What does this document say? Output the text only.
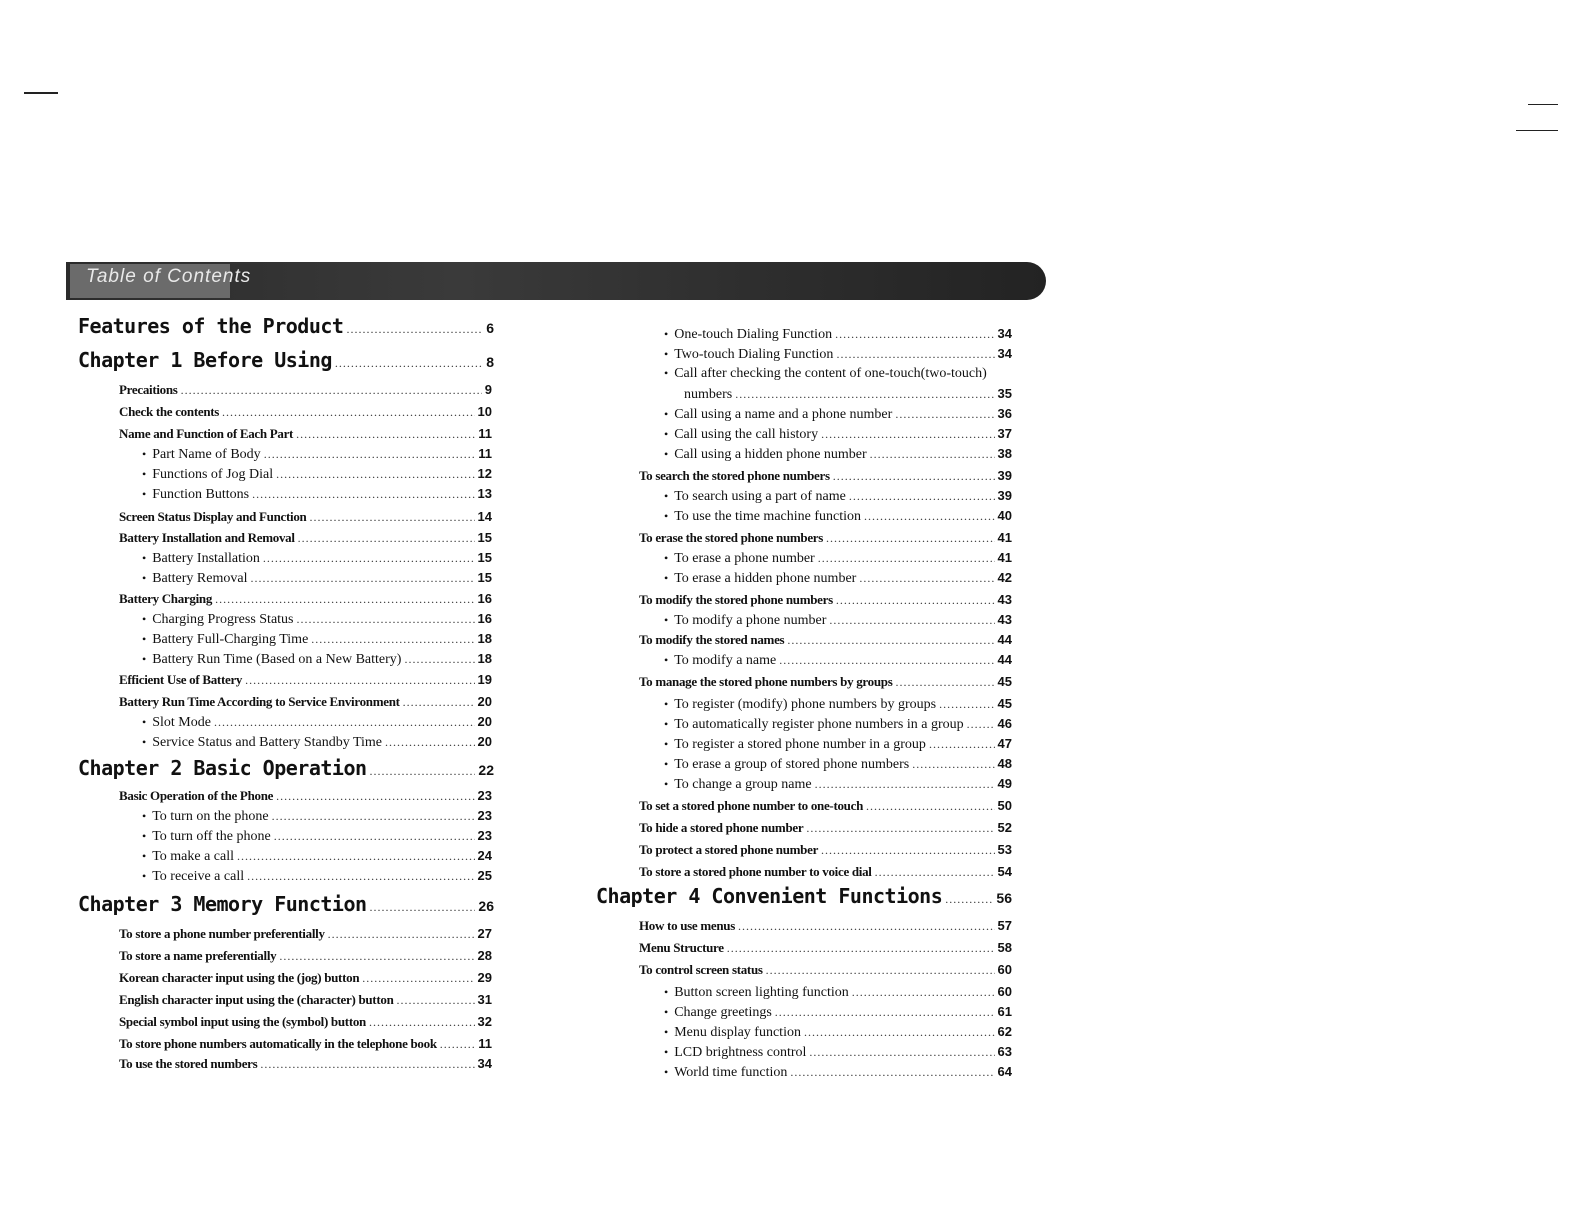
Table of Contents
Features of the Product . . .	6
Chapter 1 Before Using . . .	8
Precaitions . . .	9
Check the contents . . .	10
Name and Function of Each Part . . .	11
• Part Name of Body . . .	11
• Functions of Jog Dial . . .	12
• Function Buttons . . .	13
Screen Status Display and Function . . .	14
Battery Installation and Removal . . .	15
• Battery Installation . . .	15
• Battery Removal . . .	15
Battery Charging . . .	16
• Charging Progress Status . . .	16
• Battery Full-Charging Time . . .	18
• Battery Run Time (Based on a New Battery) . . .	18
Efficient Use of Battery . . .	19
Battery Run Time According to Service Environment . . .	20
• Slot Mode . . .	20
• Service Status and Battery Standby Time . . .	20
Chapter 2 Basic Operation . . .	22
Basic Operation of the Phone . . .	23
• To turn on the phone . . .	23
• To turn off the phone . . .	23
• To make a call . . .	24
• To receive a call . . .	25
Chapter 3 Memory Function . . .	26
To store a phone number preferentially . . .	27
To store a name preferentially . . .	28
Korean character input using the (jog) button . . .	29
English character input using the (character) button . . .	31
Special symbol input using the (symbol) button . . .	32
To store phone numbers automatically in the telephone book . . .	11
To use the stored numbers . . .	34
• One-touch Dialing Function . . .	34
• Two-touch Dialing Function . . .	34
• Call after checking the content of one-touch(two-touch)
numbers . . .	35
• Call using a name and a phone number . . .	36
• Call using the call history . . .	37
• Call using a hidden phone number . . .	38
To search the stored phone numbers . . .	39
• To search using a part of name . . .	39
• To use the time machine function . . .	40
To erase the stored phone numbers . . .	41
• To erase a phone number . . .	41
• To erase a hidden phone number . . .	42
To modify the stored phone numbers . . .	43
• To modify a phone number . . .	43
To modify the stored names . . .	44
• To modify a name . . .	44
To manage the stored phone numbers by groups . . .	45
• To register (modify) phone numbers by groups . . .	45
• To automatically register phone numbers in a group . . .	46
• To register a stored phone number in a group . . .	47
• To erase a group of stored phone numbers . . .	48
• To change a group name . . .	49
To set a stored phone number to one-touch . . .	50
To hide a stored phone number . . .	52
To protect a stored phone number . . .	53
To store a stored phone number to voice dial . . .	54
Chapter 4 Convenient Functions . . .	56
How to use menus . . .	57
Menu Structure . . .	58
To control screen status . . .	60
• Button screen lighting function . . .	60
• Change greetings . . .	61
• Menu display function . . .	62
• LCD brightness control . . .	63
• World time function . . .	64
